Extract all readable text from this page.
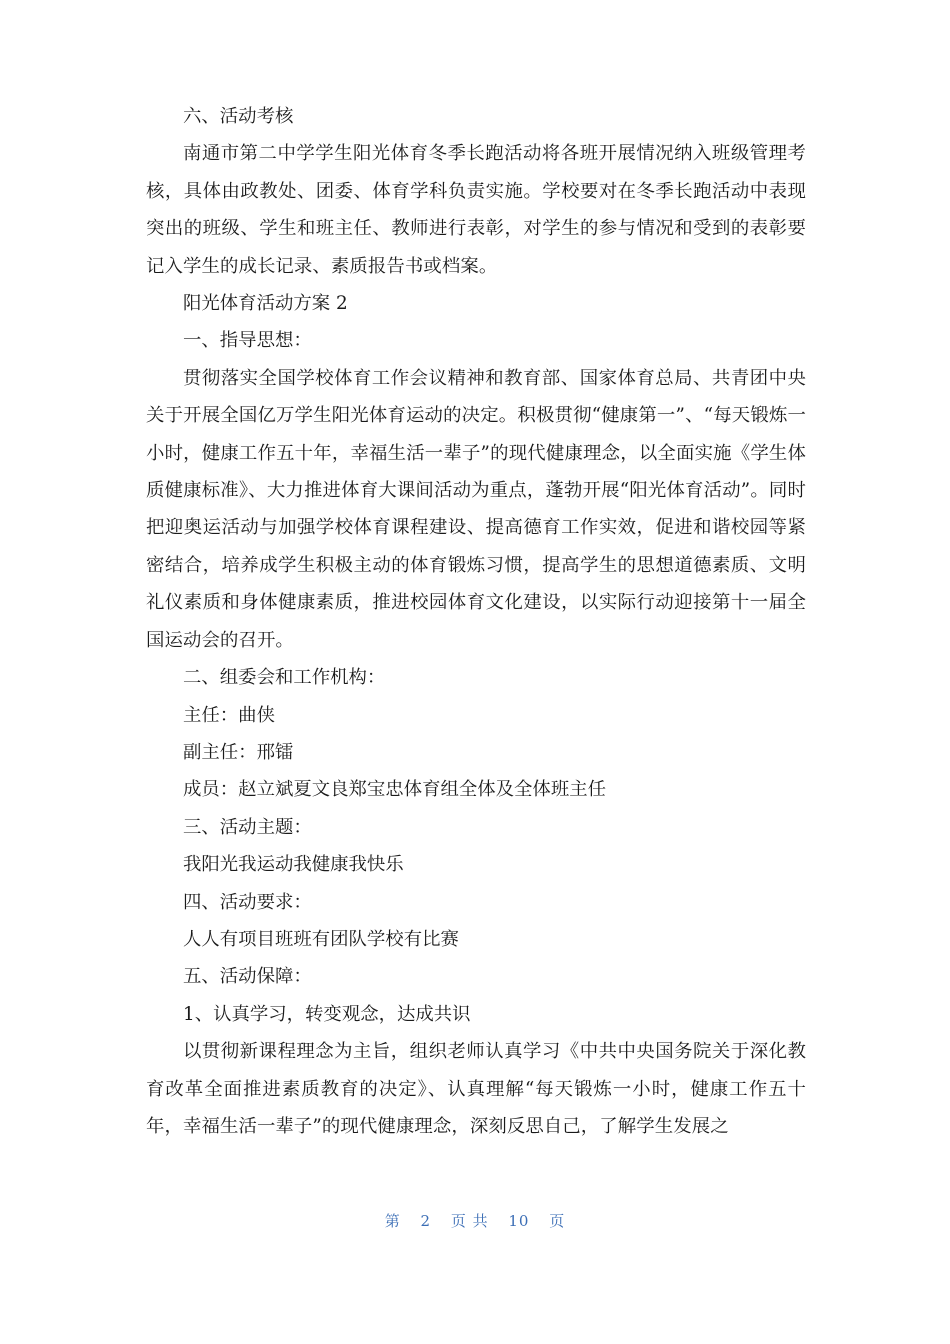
六、活动考核

南通市第二中学学生阳光体育冬季长跑活动将各班开展情况纳入班级管理考核，具体由政教处、团委、体育学科负责实施。学校要对在冬季长跑活动中表现突出的班级、学生和班主任、教师进行表彰，对学生的参与情况和受到的表彰要记入学生的成长记录、素质报告书或档案。

阳光体育活动方案 2
一、指导思想：

贯彻落实全国学校体育工作会议精神和教育部、国家体育总局、共青团中央关于开展全国亿万学生阳光体育运动的决定。积极贯彻“健康第一”、“每天锻炼一小时，健康工作五十年，幸福生活一辈子”的现代健康理念，以全面实施《学生体质健康标准》、大力推进体育大课间活动为重点，蓬勃开展“阳光体育活动”。同时把迎奥运活动与加强学校体育课程建设、提高德育工作实效，促进和谐校园等紧密结合，培养成学生积极主动的体育锻炼习惯，提高学生的思想道德素质、文明礼仪素质和身体健康素质，推进校园体育文化建设，以实际行动迎接第十一届全国运动会的召开。

二、组委会和工作机构：
主任：曲侠
副主任：邢镭
成员：赵立斌夏文良郑宝忠体育组全体及全体班主任
三、活动主题：
我阳光我运动我健康我快乐
四、活动要求：
人人有项目班班有团队学校有比赛
五、活动保障：
1、认真学习，转变观念，达成共识

以贯彻新课程理念为主旨，组织老师认真学习《中共中央国务院关于深化教育改革全面推进素质教育的决定》、认真理解“每天锻炼一小时，健康工作五十年，幸福生活一辈子”的现代健康理念，深刻反思自己，了解学生发展之

第 2 页 共 10 页
